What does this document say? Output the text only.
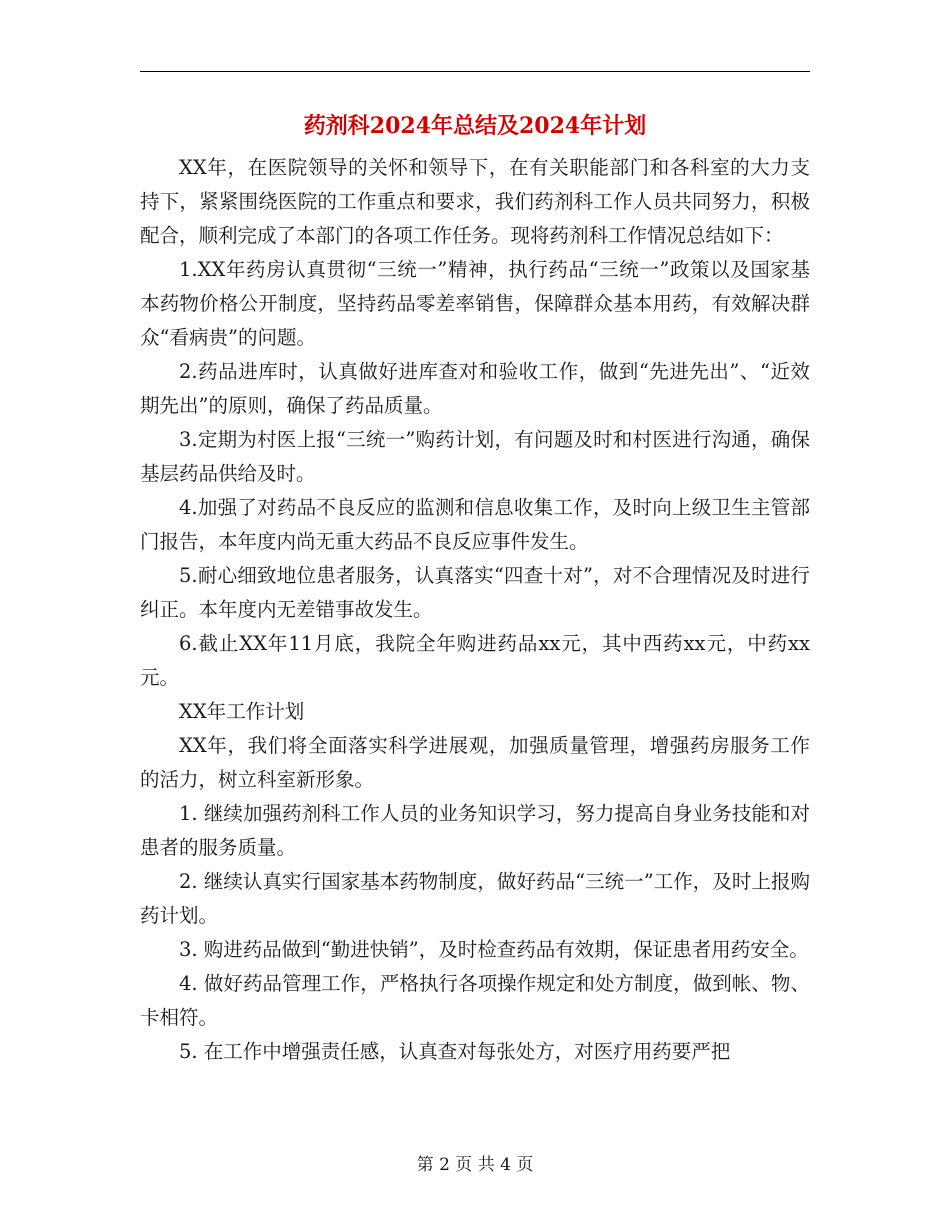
药剂科2024年总结及2024年计划

XX年，在医院领导的关怀和领导下，在有关职能部门和各科室的大力支持下，紧紧围绕医院的工作重点和要求，我们药剂科工作人员共同努力，积极配合，顺利完成了本部门的各项工作任务。现将药剂科工作情况总结如下：

1.XX年药房认真贯彻“三统一”精神，执行药品“三统一”政策以及国家基本药物价格公开制度，坚持药品零差率销售，保障群众基本用药，有效解决群众“看病贵”的问题。

2.药品进库时，认真做好进库查对和验收工作，做到“先进先出”、“近效期先出”的原则，确保了药品质量。

3.定期为村医上报“三统一”购药计划，有问题及时和村医进行沟通，确保基层药品供给及时。

4.加强了对药品不良反应的监测和信息收集工作，及时向上级卫生主管部门报告，本年度内尚无重大药品不良反应事件发生。

5.耐心细致地位患者服务，认真落实“四查十对”，对不合理情况及时进行纠正。本年度内无差错事故发生。

6.截止XX年11月底，我院全年购进药品xx元，其中西药xx元，中药xx元。

XX年工作计划

XX年，我们将全面落实科学进展观，加强质量管理，增强药房服务工作的活力，树立科室新形象。

1. 继续加强药剂科工作人员的业务知识学习，努力提高自身业务技能和对患者的服务质量。

2. 继续认真实行国家基本药物制度，做好药品“三统一”工作，及时上报购药计划。

3. 购进药品做到“勤进快销”，及时检查药品有效期，保证患者用药安全。

4. 做好药品管理工作，严格执行各项操作规定和处方制度，做到帐、物、卡相符。

5. 在工作中增强责任感，认真查对每张处方，对医疗用药要严把

第 2 页 共 4 页
